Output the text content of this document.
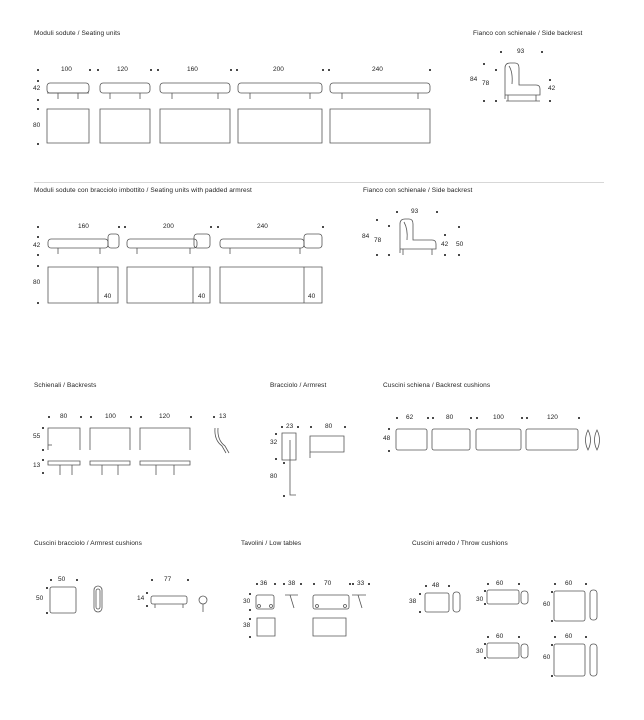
Moduli sodute / Seating units	Fianco con schienale / Side backrest
Moduli sodute con bracciolo imbottito / Seating units with padded armrest	Fianco con schienale / Side backrest
Schienali / Backrests	Bracciolo / Armrest	Cuscini schiena / Backrest cushions
Cuscini bracciolo / Armrest cushions	Tavolini / Low tables	Cuscini arredo / Throw cushions
100	120	160	200	240
42
80
93
84
78
42
160	200	240
42
80
40	40	40
93
84
78
42 50
80	100	120	13
55
13
23	80
32
80
62	80	100	120
48
50
50
77
14
36	38	70	33
30
38
48
38
60
30
60
60
60
30
60
60
